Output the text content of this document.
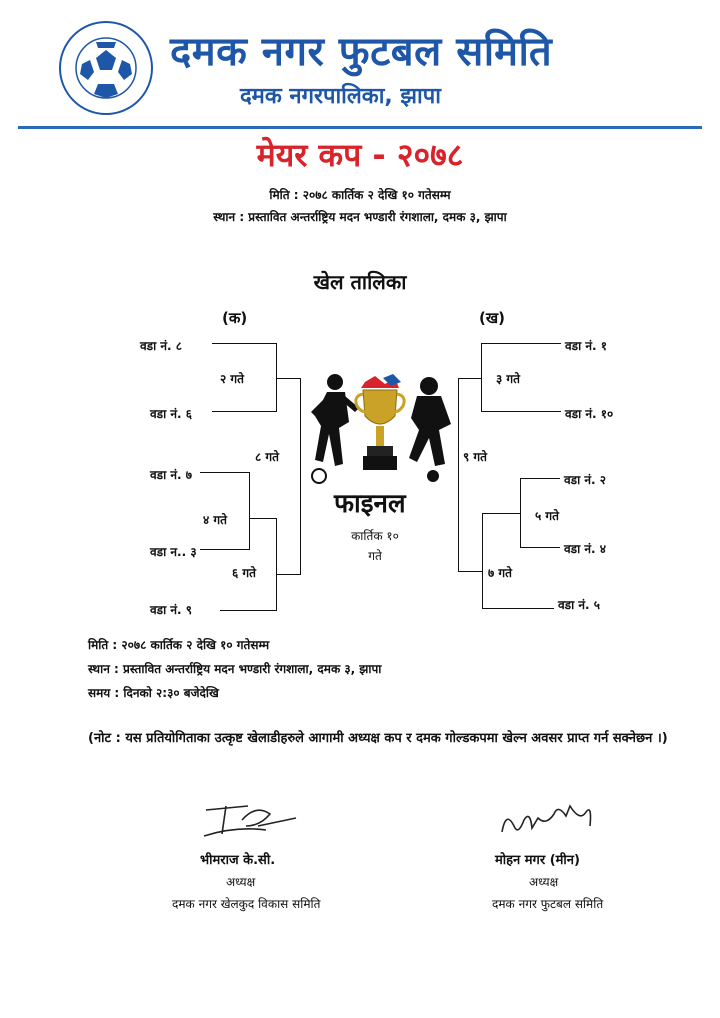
दमक नगर फुटबल समिति
दमक नगरपालिका, झापा
मेयर कप - २०७८
मिति : २०७८ कार्तिक २ देखि १० गतेसम्म
स्थान : प्रस्तावित अन्तर्राष्ट्रिय मदन भण्डारी रंगशाला, दमक ३, झापा
खेल तालिका
(क)	(ख)
वडा नं. ८
वडा नं. ६
वडा नं. ७
वडा न.. ३
वडा नं. ९
२ गते
४ गते
६ गते
८ गते
वडा नं. १
वडा नं. १०
वडा नं. २
वडा नं. ४
वडा नं. ५
३ गते
५ गते
७ गते
९ गते
फाइनल
कार्तिक १०
गते
मिति : २०७८ कार्तिक २ देखि १० गतेसम्म
स्थान : प्रस्तावित अन्तर्राष्ट्रिय मदन भण्डारी रंगशाला, दमक ३, झापा
समय : दिनको २:३० बजेदेखि
(नोट : यस प्रतियोगिताका उत्कृष्ट खेलाडीहरुले आगामी अध्यक्ष कप र दमक गोल्डकपमा खेल्न अवसर प्राप्त गर्न सक्नेछन ।)
भीमराज के.सी.
अध्यक्ष
दमक नगर खेलकुद विकास समिति
मोहन मगर (मीन)
अध्यक्ष
दमक नगर फुटबल समिति
